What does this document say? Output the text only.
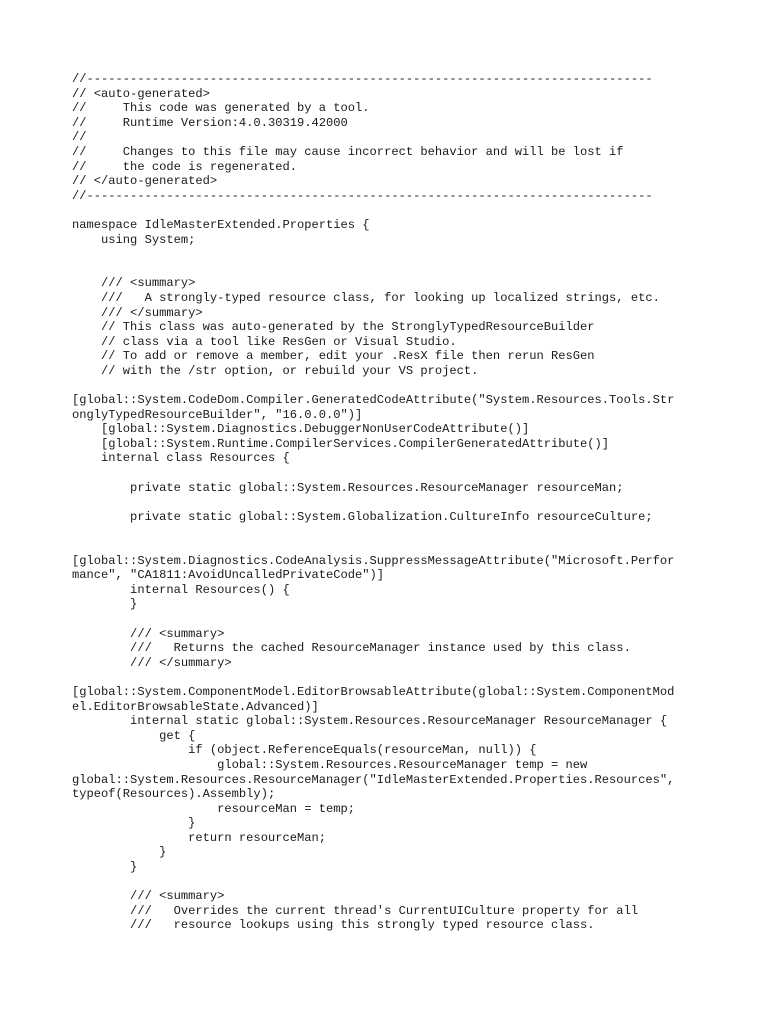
//------------------------------------------------------------------------------
// <auto-generated>
//     This code was generated by a tool.
//     Runtime Version:4.0.30319.42000
//
//     Changes to this file may cause incorrect behavior and will be lost if
//     the code is regenerated.
// </auto-generated>
//------------------------------------------------------------------------------
namespace IdleMasterExtended.Properties {
using System;
/// <summary>
///   A strongly-typed resource class, for looking up localized strings, etc.
/// </summary>
// This class was auto-generated by the StronglyTypedResourceBuilder
// class via a tool like ResGen or Visual Studio.
// To add or remove a member, edit your .ResX file then rerun ResGen
// with the /str option, or rebuild your VS project.
[global::System.CodeDom.Compiler.GeneratedCodeAttribute("System.Resources.Tools.Str
onglyTypedResourceBuilder", "16.0.0.0")]
[global::System.Diagnostics.DebuggerNonUserCodeAttribute()]
[global::System.Runtime.CompilerServices.CompilerGeneratedAttribute()]
internal class Resources {
private static global::System.Resources.ResourceManager resourceMan;
private static global::System.Globalization.CultureInfo resourceCulture;
[global::System.Diagnostics.CodeAnalysis.SuppressMessageAttribute("Microsoft.Perfor
mance", "CA1811:AvoidUncalledPrivateCode")]
internal Resources() {
}
/// <summary>
///   Returns the cached ResourceManager instance used by this class.
/// </summary>
[global::System.ComponentModel.EditorBrowsableAttribute(global::System.ComponentMod
el.EditorBrowsableState.Advanced)]
internal static global::System.Resources.ResourceManager ResourceManager {
get {
if (object.ReferenceEquals(resourceMan, null)) {
global::System.Resources.ResourceManager temp = new
global::System.Resources.ResourceManager("IdleMasterExtended.Properties.Resources",
typeof(Resources).Assembly);
resourceMan = temp;
}
return resourceMan;
}
}
/// <summary>
///   Overrides the current thread's CurrentUICulture property for all
///   resource lookups using this strongly typed resource class.
